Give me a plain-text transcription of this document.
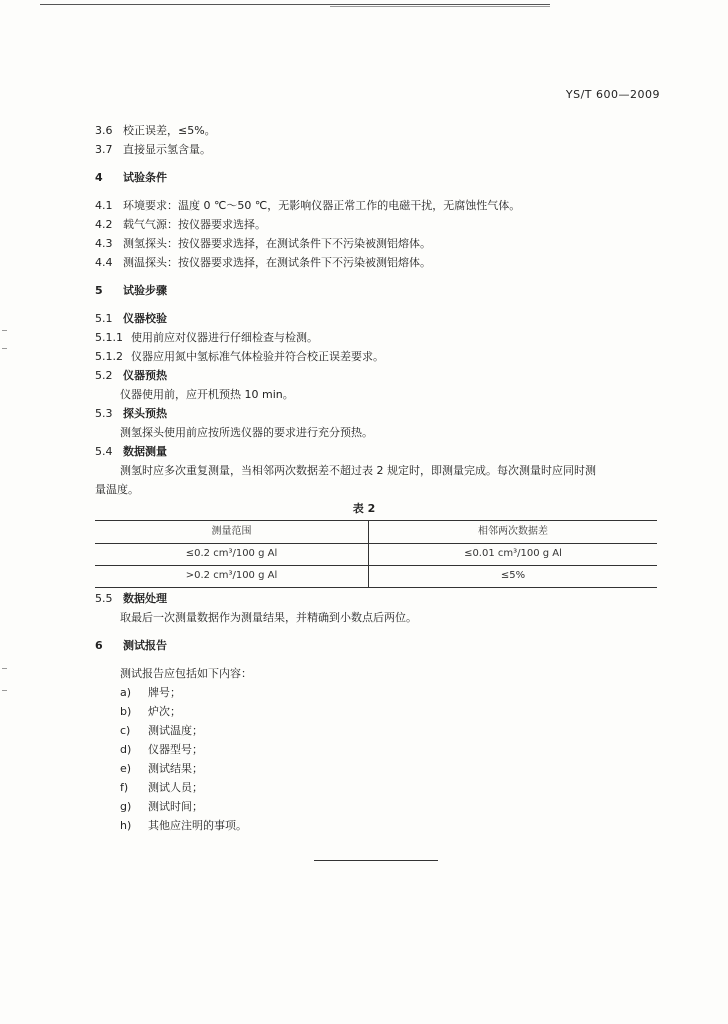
YS/T 600—2009
3.6 校正误差，≤5%。
3.7 直接显示氢含量。
4 试验条件
4.1 环境要求：温度 0 ℃～50 ℃，无影响仪器正常工作的电磁干扰，无腐蚀性气体。
4.2 载气气源：按仪器要求选择。
4.3 测氢探头：按仪器要求选择，在测试条件下不污染被测铝熔体。
4.4 测温探头：按仪器要求选择，在测试条件下不污染被测铝熔体。
5 试验步骤
5.1 仪器校验
5.1.1 使用前应对仪器进行仔细检查与检测。
5.1.2 仪器应用氮中氢标准气体检验并符合校正误差要求。
5.2 仪器预热
仪器使用前，应开机预热 10 min。
5.3 探头预热
测氢探头使用前应按所选仪器的要求进行充分预热。
5.4 数据测量
测氢时应多次重复测量，当相邻两次数据差不超过表 2 规定时，即测量完成。每次测量时应同时测
量温度。
表 2
测量范围	相邻两次数据差
≤0.2 cm³/100 g Al	≤0.01 cm³/100 g Al
>0.2 cm³/100 g Al	≤5%
5.5 数据处理
取最后一次测量数据作为测量结果，并精确到小数点后两位。
6 测试报告
测试报告应包括如下内容：
a) 牌号；
b) 炉次；
c) 测试温度；
d) 仪器型号；
e) 测试结果；
f) 测试人员；
g) 测试时间；
h) 其他应注明的事项。
